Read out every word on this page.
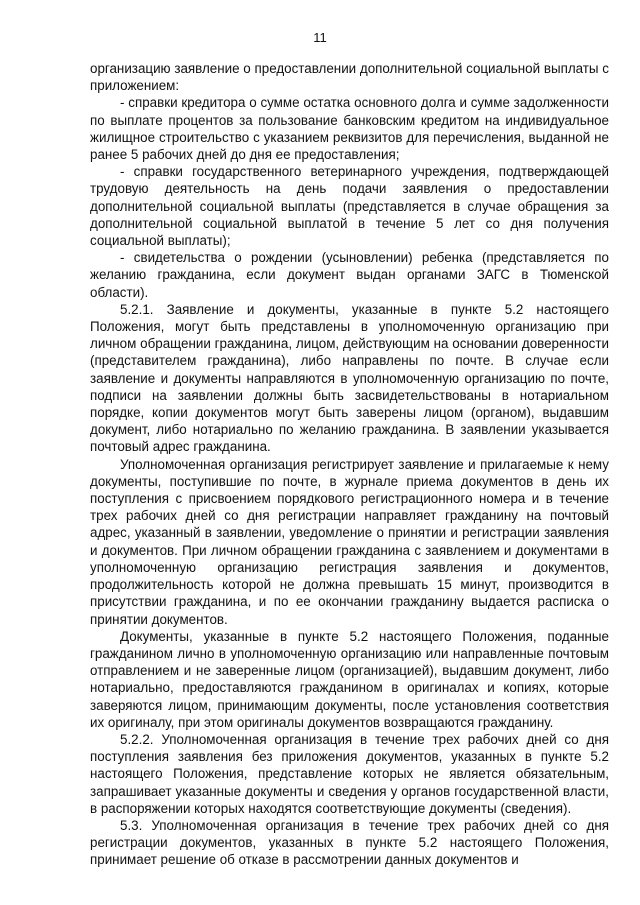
11

организацию заявление о предоставлении дополнительной социальной выплаты с приложением:

- справки кредитора о сумме остатка основного долга и сумме задолженности по выплате процентов за пользование банковским кредитом на индивидуальное жилищное строительство с указанием реквизитов для перечисления, выданной не ранее 5 рабочих дней до дня ее предоставления;

- справки государственного ветеринарного учреждения, подтверждающей трудовую деятельность на день подачи заявления о предоставлении дополнительной социальной выплаты (представляется в случае обращения за дополнительной социальной выплатой в течение 5 лет со дня получения социальной выплаты);

- свидетельства о рождении (усыновлении) ребенка (представляется по желанию гражданина, если документ выдан органами ЗАГС в Тюменской области).

5.2.1. Заявление и документы, указанные в пункте 5.2 настоящего Положения, могут быть представлены в уполномоченную организацию при личном обращении гражданина, лицом, действующим на основании доверенности (представителем гражданина), либо направлены по почте. В случае если заявление и документы направляются в уполномоченную организацию по почте, подписи на заявлении должны быть засвидетельствованы в нотариальном порядке, копии документов могут быть заверены лицом (органом), выдавшим документ, либо нотариально по желанию гражданина. В заявлении указывается почтовый адрес гражданина.

Уполномоченная организация регистрирует заявление и прилагаемые к нему документы, поступившие по почте, в журнале приема документов в день их поступления с присвоением порядкового регистрационного номера и в течение трех рабочих дней со дня регистрации направляет гражданину на почтовый адрес, указанный в заявлении, уведомление о принятии и регистрации заявления и документов. При личном обращении гражданина с заявлением и документами в уполномоченную организацию регистрация заявления и документов, продолжительность которой не должна превышать 15 минут, производится в присутствии гражданина, и по ее окончании гражданину выдается расписка о принятии документов.

Документы, указанные в пункте 5.2 настоящего Положения, поданные гражданином лично в уполномоченную организацию или направленные почтовым отправлением и не заверенные лицом (организацией), выдавшим документ, либо нотариально, предоставляются гражданином в оригиналах и копиях, которые заверяются лицом, принимающим документы, после установления соответствия их оригиналу, при этом оригиналы документов возвращаются гражданину.

5.2.2. Уполномоченная организация в течение трех рабочих дней со дня поступления заявления без приложения документов, указанных в пункте 5.2 настоящего Положения, представление которых не является обязательным, запрашивает указанные документы и сведения у органов государственной власти, в распоряжении которых находятся соответствующие документы (сведения).

5.3. Уполномоченная организация в течение трех рабочих дней со дня регистрации документов, указанных в пункте 5.2 настоящего Положения, принимает решение об отказе в рассмотрении данных документов и
